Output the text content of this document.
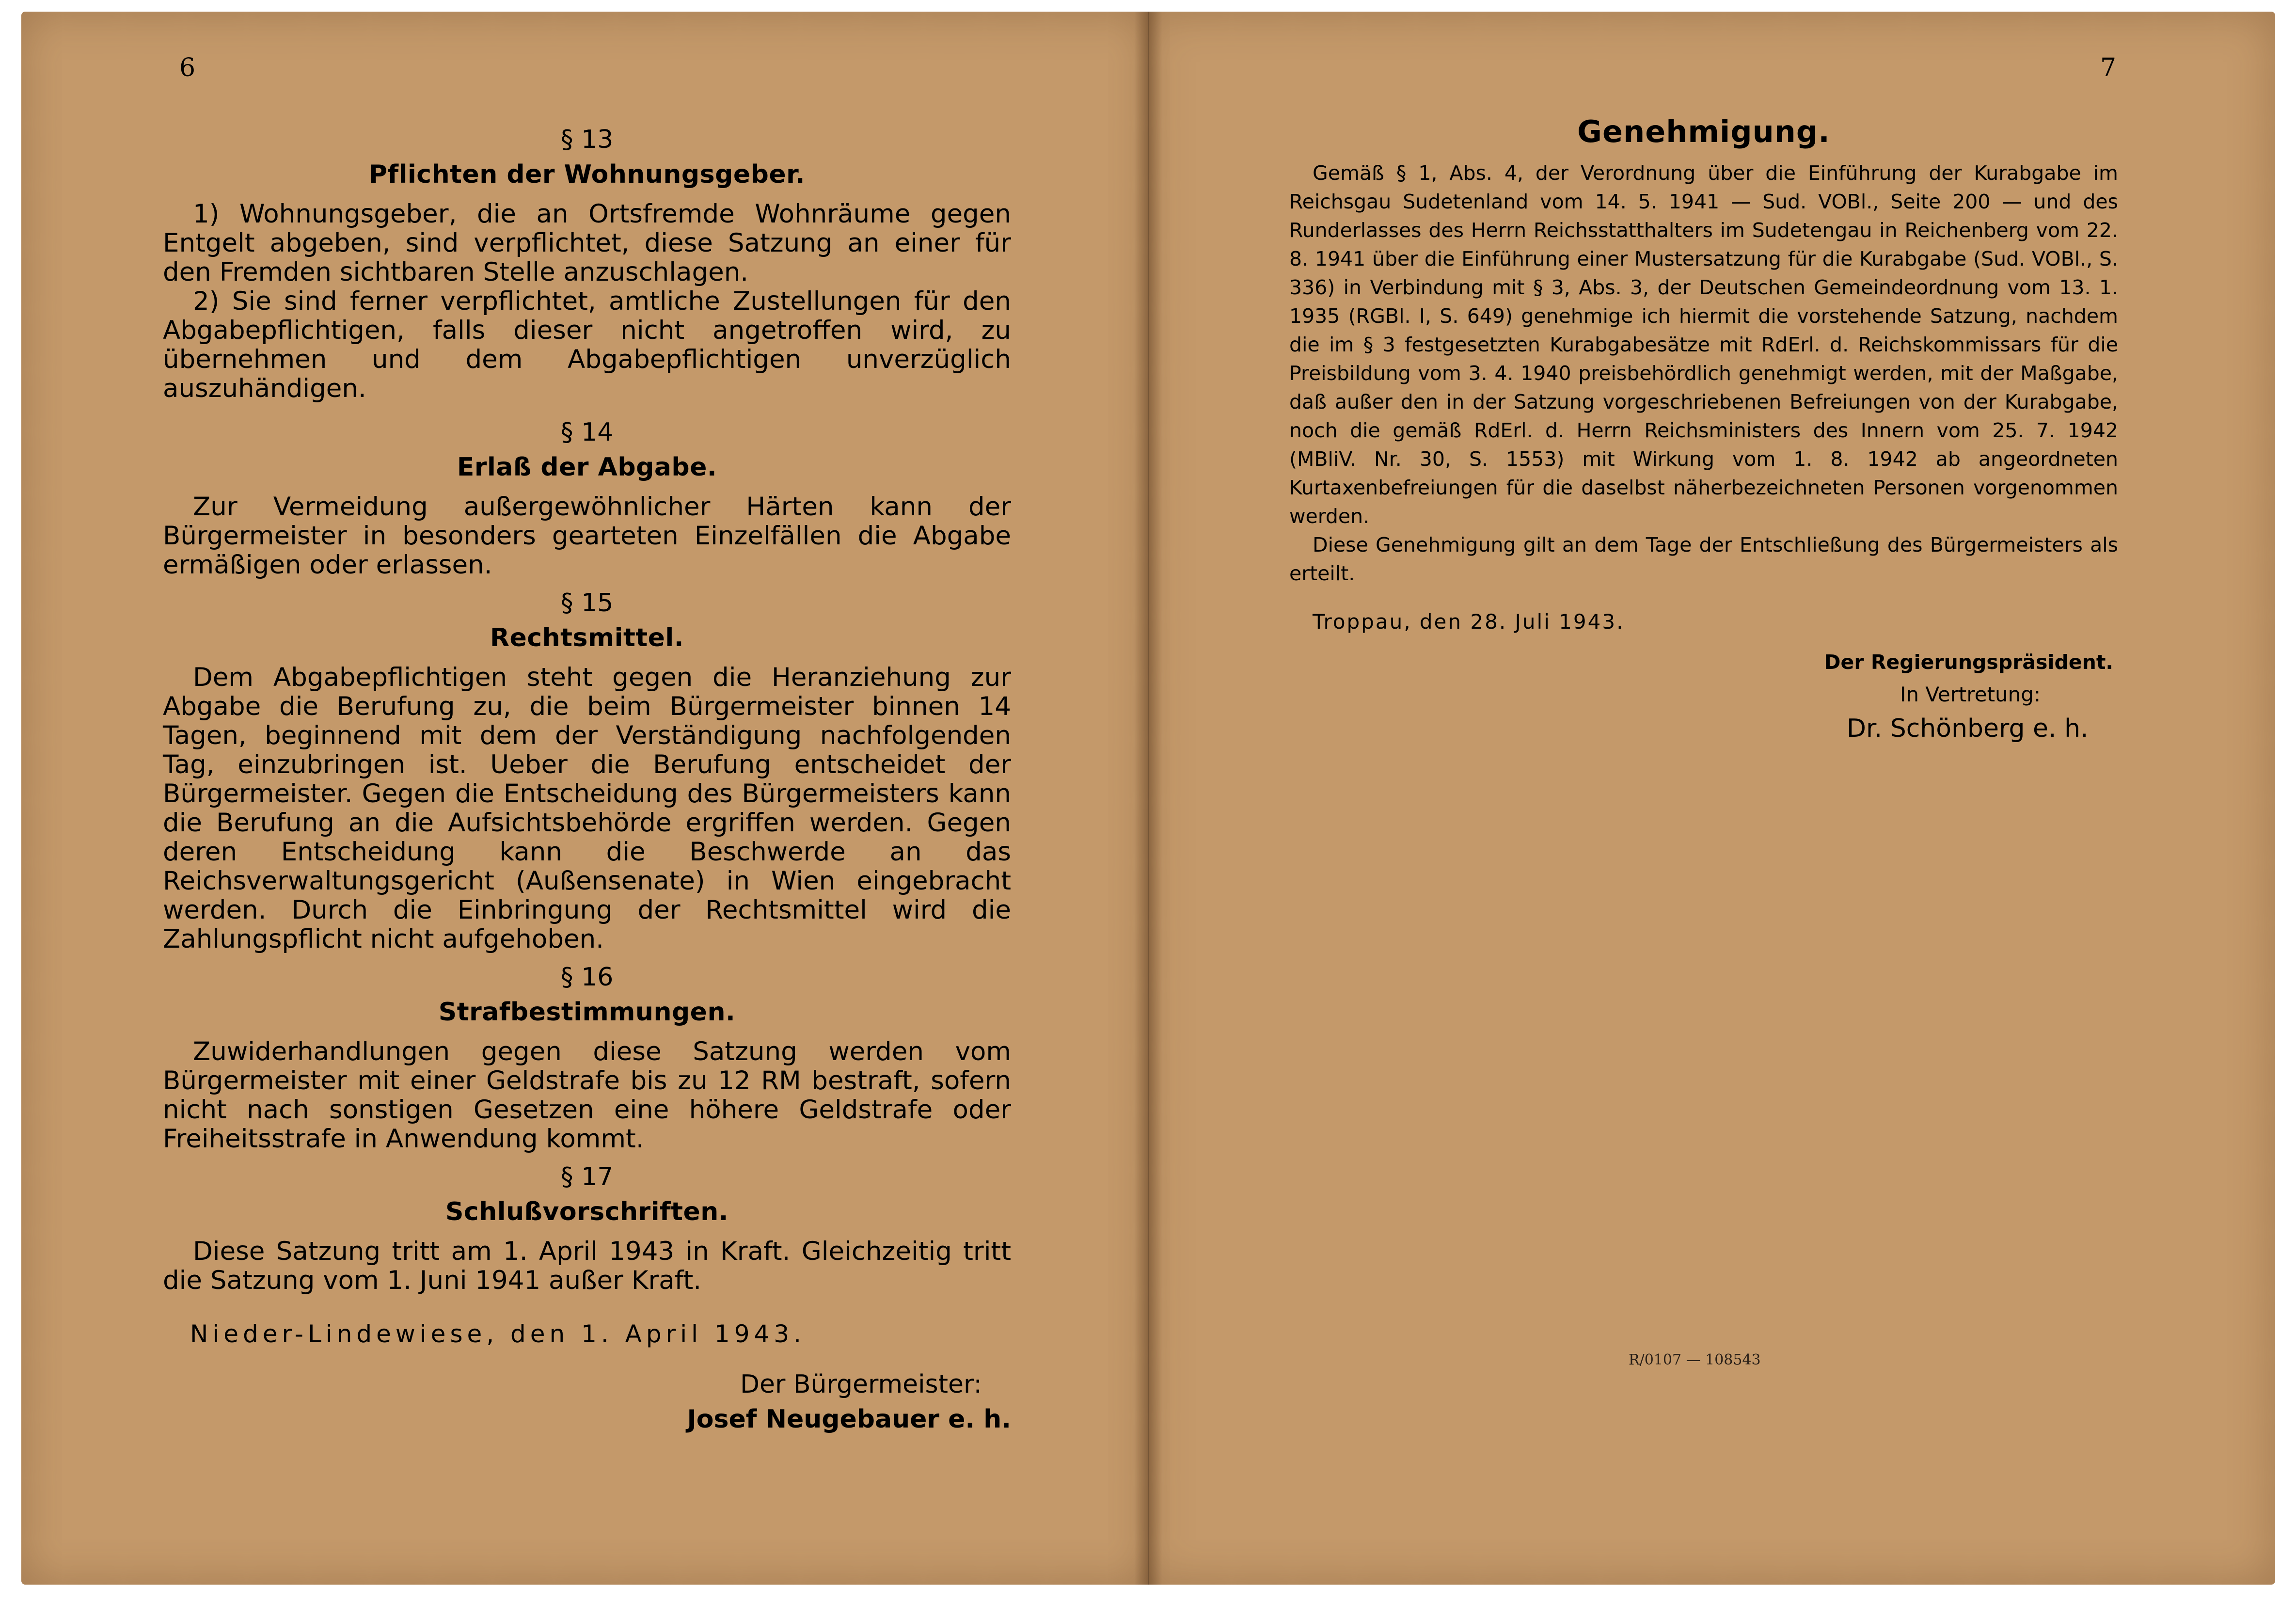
6	7
§ 13
Pflichten der Wohnungsgeber.

1) Wohnungsgeber, die an Ortsfremde Wohnräume gegen Entgelt abgeben, sind verpflichtet, diese Satzung an einer für den Fremden sichtbaren Stelle anzuschlagen.

2) Sie sind ferner verpflichtet, amtliche Zustellungen für den Abgabepflichtigen, falls dieser nicht angetroffen wird, zu übernehmen und dem Abgabepflichtigen unverzüglich auszuhändigen.

§ 14
Erlaß der Abgabe.

Zur Vermeidung außergewöhnlicher Härten kann der Bürgermeister in besonders gearteten Einzelfällen die Abgabe ermäßigen oder erlassen.

§ 15
Rechtsmittel.

Dem Abgabepflichtigen steht gegen die Heranziehung zur Abgabe die Berufung zu, die beim Bürgermeister binnen 14 Tagen, beginnend mit dem der Verständigung nachfolgenden Tag, einzubringen ist. Ueber die Berufung entscheidet der Bürgermeister. Gegen die Entscheidung des Bürgermeisters kann die Berufung an die Aufsichtsbehörde ergriffen werden. Gegen deren Entscheidung kann die Beschwerde an das Reichsverwaltungsgericht (Außensenate) in Wien eingebracht werden. Durch die Einbringung der Rechtsmittel wird die Zahlungspflicht nicht aufgehoben.

§ 16
Strafbestimmungen.

Zuwiderhandlungen gegen diese Satzung werden vom Bürgermeister mit einer Geldstrafe bis zu 12 RM bestraft, sofern nicht nach sonstigen Gesetzen eine höhere Geldstrafe oder Freiheitsstrafe in Anwendung kommt.

§ 17
Schlußvorschriften.

Diese Satzung tritt am 1. April 1943 in Kraft. Gleichzeitig tritt die Satzung vom 1. Juni 1941 außer Kraft.

Nieder-Lindewiese, den 1. April 1943.

Der Bürgermeister:
Josef Neugebauer e. h.
Genehmigung.

Gemäß § 1, Abs. 4, der Verordnung über die Einführung der Kurabgabe im Reichsgau Sudetenland vom 14. 5. 1941 — Sud. VOBl., Seite 200 — und des Runderlasses des Herrn Reichsstatthalters im Sudetengau in Reichenberg vom 22. 8. 1941 über die Einführung einer Mustersatzung für die Kurabgabe (Sud. VOBl., S. 336) in Verbindung mit § 3, Abs. 3, der Deutschen Gemeindeordnung vom 13. 1. 1935 (RGBl. I, S. 649) genehmige ich hiermit die vorstehende Satzung, nachdem die im § 3 festgesetzten Kurabgabesätze mit RdErl. d. Reichskommissars für die Preisbildung vom 3. 4. 1940 preisbehördlich genehmigt werden, mit der Maßgabe, daß außer den in der Satzung vorgeschriebenen Befreiungen von der Kurabgabe, noch die gemäß RdErl. d. Herrn Reichsministers des Innern vom 25. 7. 1942 (MBliV. Nr. 30, S. 1553) mit Wirkung vom 1. 8. 1942 ab angeordneten Kurtaxenbefreiungen für die daselbst näherbezeichneten Personen vorgenommen werden.

Diese Genehmigung gilt an dem Tage der Entschließung des Bürgermeisters als erteilt.

Troppau, den 28. Juli 1943.

Der Regierungspräsident.
In Vertretung:
Dr. Schönberg e. h.
R/0107 — 108543
